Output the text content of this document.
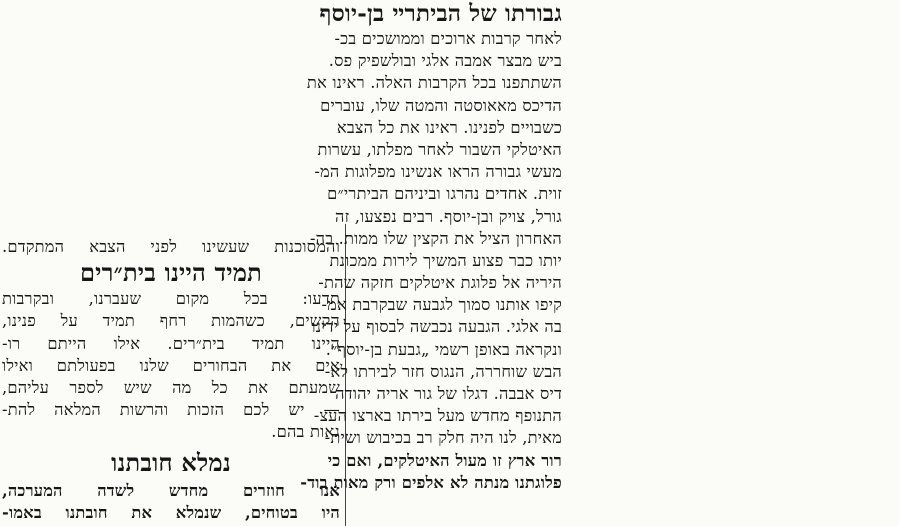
גבורתו של הביתרײ בן-יוסף
לאחר קרבות ארוכים וממושכים בכ-
ביש מבצר אמבה אלגי ובולשפיק פס.
השתתפנו בכל הקרבות האלה. ראינו את
הדיכס מאאוסטה והמטה שלו, עוברים
כשבויים לפנינו. ראינו את כל הצבא
האיטלקי השבור לאחר מפלתו, עשרות
מעשי גבורה הראו אנשינו מפלוגות המ-
זוית. אחדים נהרגו וביניהם הביתרי״ם
גורל, צויק ובן-יוסף. רבים נפצעו, זה
האחרון הציל את הקצין שלו ממות. בה-
יותו כבר פצוע המשיך לירות ממכונת
היריה אל פלוגת איטלקים חזקה שהת-
קיפו אותנו סמוך לגבעה שבקרבת אמ-
בה אלגי. הגבעה נכבשה לבסוף על ידינו
ונקראה באופן רשמי „גבעת בן-יוסף״.
הבש שוחררה, הנגוס חזר לבירתו לא-
דיס אבבה. דגלו של גור אריה יהודה
התנופף מחדש מעל בירתו בארצו העצ-
מאית, לנו היה חלק רב בכיבוש ושית-
רור ארץ זו מעול האיטלקים, ואם כי
פלוגתנו מנתה לא אלפים ורק מאות בוד-
והמסוכנות שעשינו לפני הצבא המתקדם.
תמיד היינו בית״רים
תדעו: בכל מקום שעברנו, ובקרבות
הקשים, כשהמות רחף תמיד על פנינו,
היינו תמיד בית״רים. אילו הייתם רו-
אים את הבחורים שלנו בפעולתם ואילו
שמעתם את כל מה שיש לספר עליהם,
— יש לכם הזכות והרשות המלאה להת-
גאות בהם.
נמלא חובתנו
אנו חוזרים מחדש לשדה המערכה,
היו בטוחים, שנמלא את חובתנו באמו-
